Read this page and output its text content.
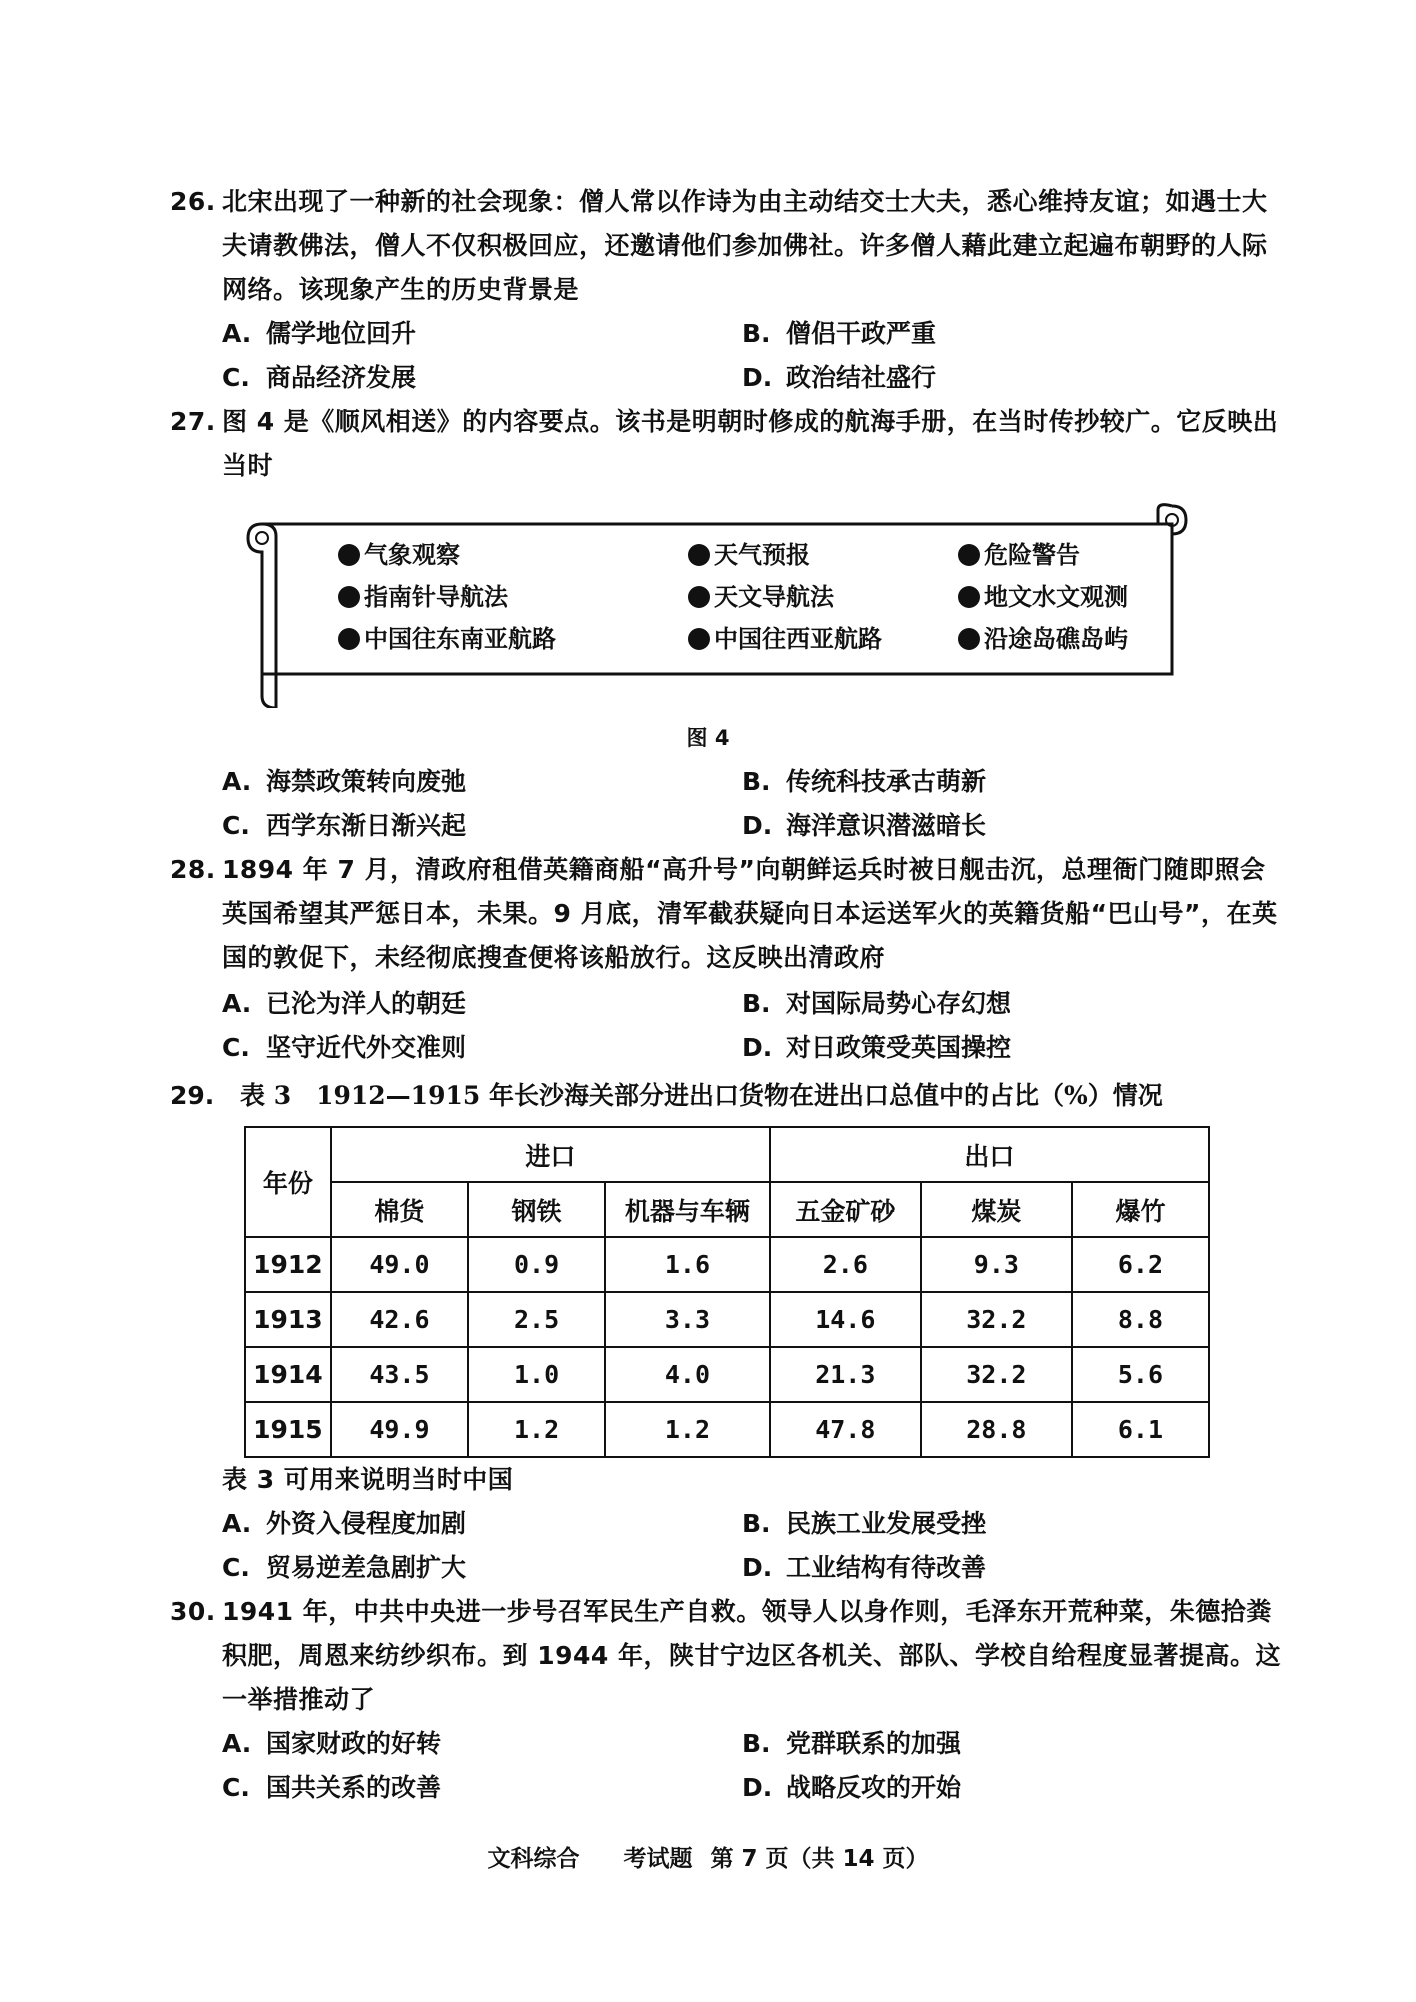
26. 北宋出现了一种新的社会现象：僧人常以作诗为由主动结交士大夫，悉心维持友谊；如遇士大夫请教佛法，僧人不仅积极回应，还邀请他们参加佛社。许多僧人藉此建立起遍布朝野的人际网络。该现象产生的历史背景是
A. 儒学地位回升	B. 僧侣干政严重
C. 商品经济发展	D. 政治结社盛行
27. 图 4 是《顺风相送》的内容要点。该书是明朝时修成的航海手册，在当时传抄较广。它反映出当时
气象观察	天气预报	危险警告
指南针导航法	天文导航法	地文水文观测
中国往东南亚航路	中国往西亚航路	沿途岛礁岛屿
图 4
A. 海禁政策转向废弛	B. 传统科技承古萌新
C. 西学东渐日渐兴起	D. 海洋意识潜滋暗长
28. 1894 年 7 月，清政府租借英籍商船“高升号”向朝鲜运兵时被日舰击沉，总理衙门随即照会英国希望其严惩日本，未果。9 月底，清军截获疑向日本运送军火的英籍货船“巴山号”，在英国的敦促下，未经彻底搜查便将该船放行。这反映出清政府
A. 已沦为洋人的朝廷	B. 对国际局势心存幻想
C. 坚守近代外交准则	D. 对日政策受英国操控
29. 表 3　1912—1915 年长沙海关部分进出口货物在进出口总值中的占比（%）情况
年份	进口			出口		
	棉货	钢铁	机器与车辆	五金矿砂	煤炭	爆竹
1912	49.0	0.9	1.6	2.6	9.3	6.2
1913	42.6	2.5	3.3	14.6	32.2	8.8
1914	43.5	1.0	4.0	21.3	32.2	5.6
1915	49.9	1.2	1.2	47.8	28.8	6.1
表 3 可用来说明当时中国
A. 外资入侵程度加剧	B. 民族工业发展受挫
C. 贸易逆差急剧扩大	D. 工业结构有待改善
30. 1941 年，中共中央进一步号召军民生产自救。领导人以身作则，毛泽东开荒种菜，朱德拾粪积肥，周恩来纺纱织布。到 1944 年，陕甘宁边区各机关、部队、学校自给程度显著提高。这一举措推动了
A. 国家财政的好转	B. 党群联系的加强
C. 国共关系的改善	D. 战略反攻的开始
文科综合 考试题 第 7 页（共 14 页）
